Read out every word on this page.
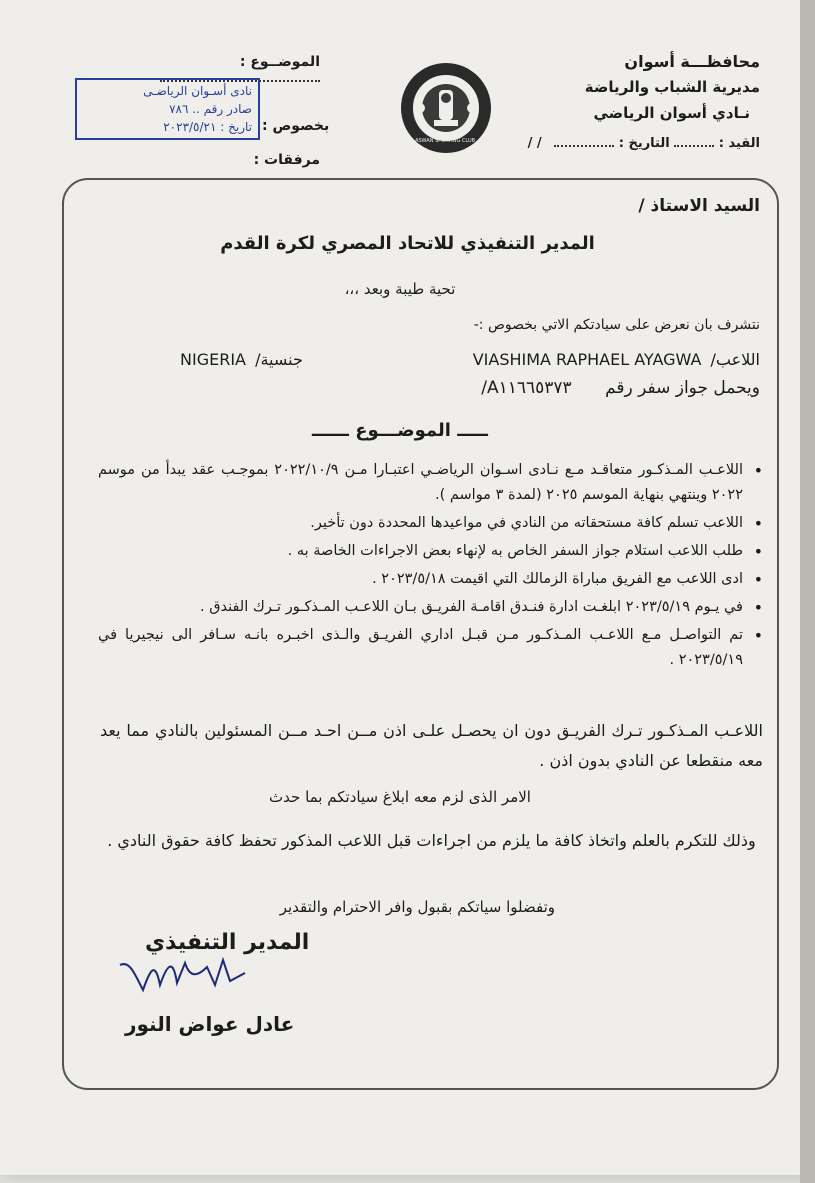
محافظـــة أسوان
مديرية الشباب والرياضة
نـادي أسوان الرياضي
القيد :  التاريخ :  / /
ASWAN SPORTING CLUB
الموضــوع :
بخصوص :
مرفقات :
نادى أسـوان الرياضـى
صادر رقم .. ٧٨٦
تاريخ : ٢٠٢٣/٥/٢١
السيد الاستاذ /
المدير التنفيذي للاتحاد المصري لكرة القدم
تحية طيبة وبعد ،،،
نتشرف بان نعرض على سيادتكم الاتي بخصوص :-
اللاعب/ VIASHIMA RAPHAEL AYAGWA
جنسية/ NIGERIA
ويحمل جواز سفر رقم A١١٦٦٥٣٧٣/
ـــــ الموضـــوع ــــــ
• اللاعـب المـذكـور متعاقـد مـع نـادى اسـوان الرياضـي اعتبـارا مـن ٢٠٢٢/١٠/٩ بموجـب عقد يبدأ من موسم ٢٠٢٢ وينتهي بنهاية الموسم ٢٠٢٥ (لمدة ٣ مواسم ).
• اللاعب تسلم كافة مستحقاته من النادي في مواعيدها المحددة دون تأخير.
• طلب اللاعب استلام جواز السفر الخاص به لإنهاء بعض الاجراءات الخاصة به .
• ادى اللاعب مع الفريق مباراة الزمالك التي اقيمت ٢٠٢٣/٥/١٨ .
• في يـوم ٢٠٢٣/٥/١٩ ابلغـت ادارة فنـدق اقامـة الفريـق بـان اللاعـب المـذكـور تـرك الفندق .
• تم التواصـل مـع اللاعـب المـذكـور مـن قبـل اداري الفريـق والـذى اخبـره بانـه سـافر الى نيجيريا في ٢٠٢٣/٥/١٩ .
اللاعـب المـذكـور تـرك الفريـق دون ان يحصـل علـى اذن مــن احـد مــن المسئولين بالنادي مما يعد معه منقطعا عن النادي بدون اذن .
الامر الذى لزم معه ابلاغ سيادتكم بما حدث
وذلك للتكرم بالعلم واتخاذ كافة ما يلزم من اجراءات قبل اللاعب المذكور تحفظ كافة حقوق النادي .
وتفضلوا سياتكم بقبول وافر الاحترام والتقدير
المدير التنفيذي
عادل عواض النور
